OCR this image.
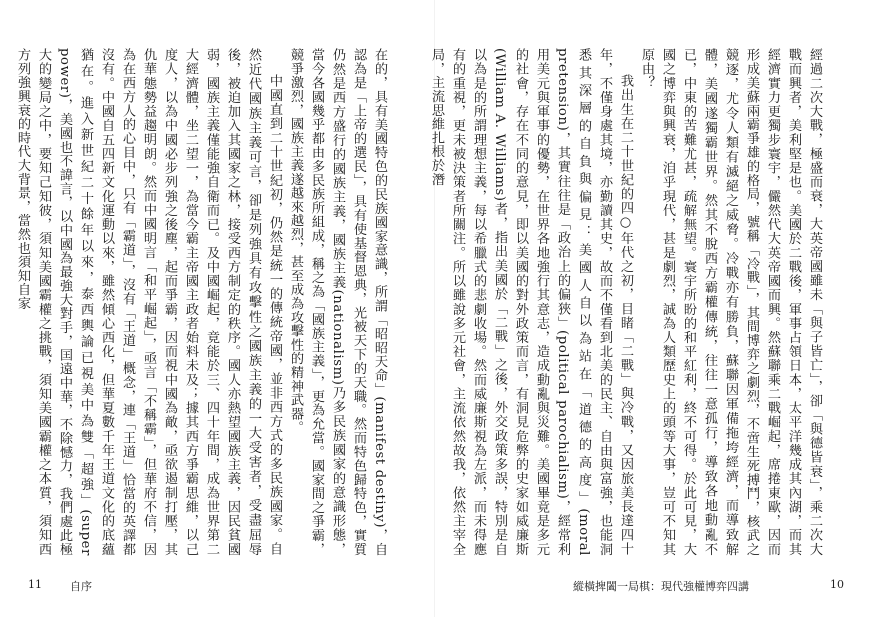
在的，具有美國特色的民族國家意識，所謂「昭昭天命」(manifest destiny)，自認為是「上帝的選民」，具有使基督恩典，光被天下的天職。然而特色歸特色，實質仍然是西方盛行的國族主義，國族主義(nationalism)乃多民族國家的意識形態，當今各國幾乎都由多民族所組成，稱之為「國族主義」，更為允當。國家間之爭霸，競爭激烈，國族主義遂越來越烈，甚至成為攻擊性的精神武器。

中國直到二十世紀初，仍然是統一的傳統帝國，並非西方式的多民族國家。自然近代國族主義可言，卻是列強具有攻擊性之國族主義的一大受害者，受盡屈辱後，被迫加入其國家之林，接受西方制定的秩序。國人亦熱望國族主義，因民貧國弱，國族主義僅能強自衛而已。及中國崛起，竟能於三、四十年間，成為世界第二大經濟體，坐二望一，為當今霸主帝國主政者始料未及；據其西方爭霸思維，以己度人，以為中國必步列強之後塵，起而爭霸，因而視中國為敵，亟欲遏制打壓，其仇華態勢益趨明朗。然而中國明言「和平崛起」，亟言「不稱霸」，但華府不信，因為在西方人的心目中，只有「霸道」，沒有「王道」概念，連「王道」恰當的英譯都沒有。中國自五四新文化運動以來，雖然傾心西化，但華夏數千年王道文化的底蘊猶在。進入新世紀二十餘年以來，泰西輿論已視美中為雙「超強」(super power)，美國也不諱言，以中國為最強大對手，囯遠中華，不除憾力，我們處此極大的變局之中，要知己知彼，須知美國霸權之挑戰，須知美國霸權之本質，須知西方列強興衰的時代大背景，當然也須知自家

11	自序

經過二次大戰，極盛而衰，大英帝國雖未「與子皆亡」，卻「與德皆衰」，乘二次大戰而興者，美利堅是也。美國於二戰後，軍事占領日本，太平洋幾成其內湖，而其經濟實力更獨步寰宇，儼然代大英帝國而興。然蘇聯乘二戰崛起，席捲東歐，因而形成美蘇兩霸爭雄的格局，號稱「冷戰」，其間博弈之劇烈，不啻生死搏鬥，核武之競逐，尤令人類有滅絕之威脅。冷戰亦有勝負，蘇聯因軍備拖垮經濟，而導致解體，美國遂獨霸世界。然其不脫西方霸權傳統，往往一意孤行，導致各地動亂不已，中東的苦難尤甚，疏解無望。寰宇所盼的和平紅利，終不可得。於此可見，大國之博弈與興衰，洎乎現代，甚是劇烈，誠為人類歷史上的頭等大事，豈可不知其原由？

我出生在二十世紀的四○年代之初，目睹「二戰」與冷戰，又因旅美長達四十年，不僅身處其境，亦勤讀其史，故而不僅看到北美的民主、自由與富強，也能洞悉其深層的自負與偏見：美國人自以為站在「道德的高度」(moral pretension)，其實往往是「政治上的偏狹」(political parochialism)，經常利用美元與軍事的優勢，在世界各地強行其意志，造成動亂與災難。美國畢竟是多元的社會，存在不同的意見，即以美國的對外政策而言，有洞見危弊的史家如威廉斯(William A. Williams)者，指出美國於「二戰」之後，外交政策多誤，特別是自以為是的所謂理想主義，每以希臘式的悲劇收場。然而威廉斯視為左派，而未得應有的重視，更未被決策者所關注。所以雖說多元社會，主流依然故我，依然主宰全局，主流思維扎根於潛

縱橫捭闔一局棋：現代強權博弈四講	10
